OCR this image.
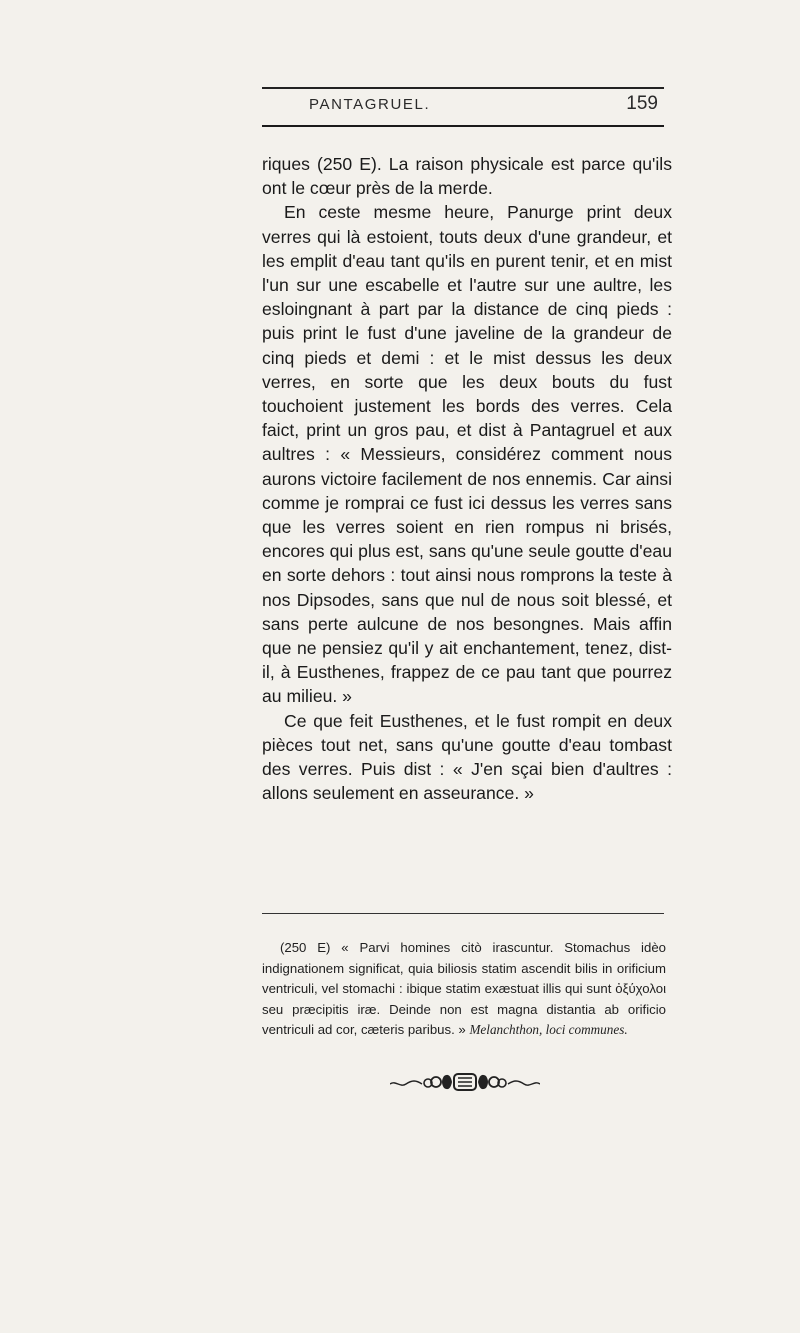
PANTAGRUEL.	159

riques (250 E). La raison physicale est parce qu'ils ont le cœur près de la merde.

En ceste mesme heure, Panurge print deux verres qui là estoient, touts deux d'une grandeur, et les emplit d'eau tant qu'ils en purent tenir, et en mist l'un sur une escabelle et l'autre sur une aultre, les esloingnant à part par la distance de cinq pieds : puis print le fust d'une javeline de la grandeur de cinq pieds et demi : et le mist dessus les deux verres, en sorte que les deux bouts du fust touchoient justement les bords des verres. Cela faict, print un gros pau, et dist à Pantagruel et aux aultres : « Messieurs, considérez comment nous aurons victoire facilement de nos ennemis. Car ainsi comme je romprai ce fust ici dessus les verres sans que les verres soient en rien rompus ni brisés, encores qui plus est, sans qu'une seule goutte d'eau en sorte dehors : tout ainsi nous romprons la teste à nos Dipsodes, sans que nul de nous soit blessé, et sans perte aulcune de nos besongnes. Mais affin que ne pensiez qu'il y ait enchantement, tenez, dist-il, à Eusthenes, frappez de ce pau tant que pourrez au milieu. »

Ce que feit Eusthenes, et le fust rompit en deux pièces tout net, sans qu'une goutte d'eau tombast des verres. Puis dist : « J'en sçai bien d'aultres : allons seulement en asseurance. »

(250 E) « Parvi homines citò irascuntur. Stomachus idèo indignationem significat, quia biliosis statim ascendit bilis in orificium ventriculi, vel stomachi : ibique statim exæstuat illis qui sunt ὀξύχολοι seu præcipitis iræ. Deinde non est magna distantia ab orificio ventriculi ad cor, cæteris paribus. » Melanchthon, loci communes.
